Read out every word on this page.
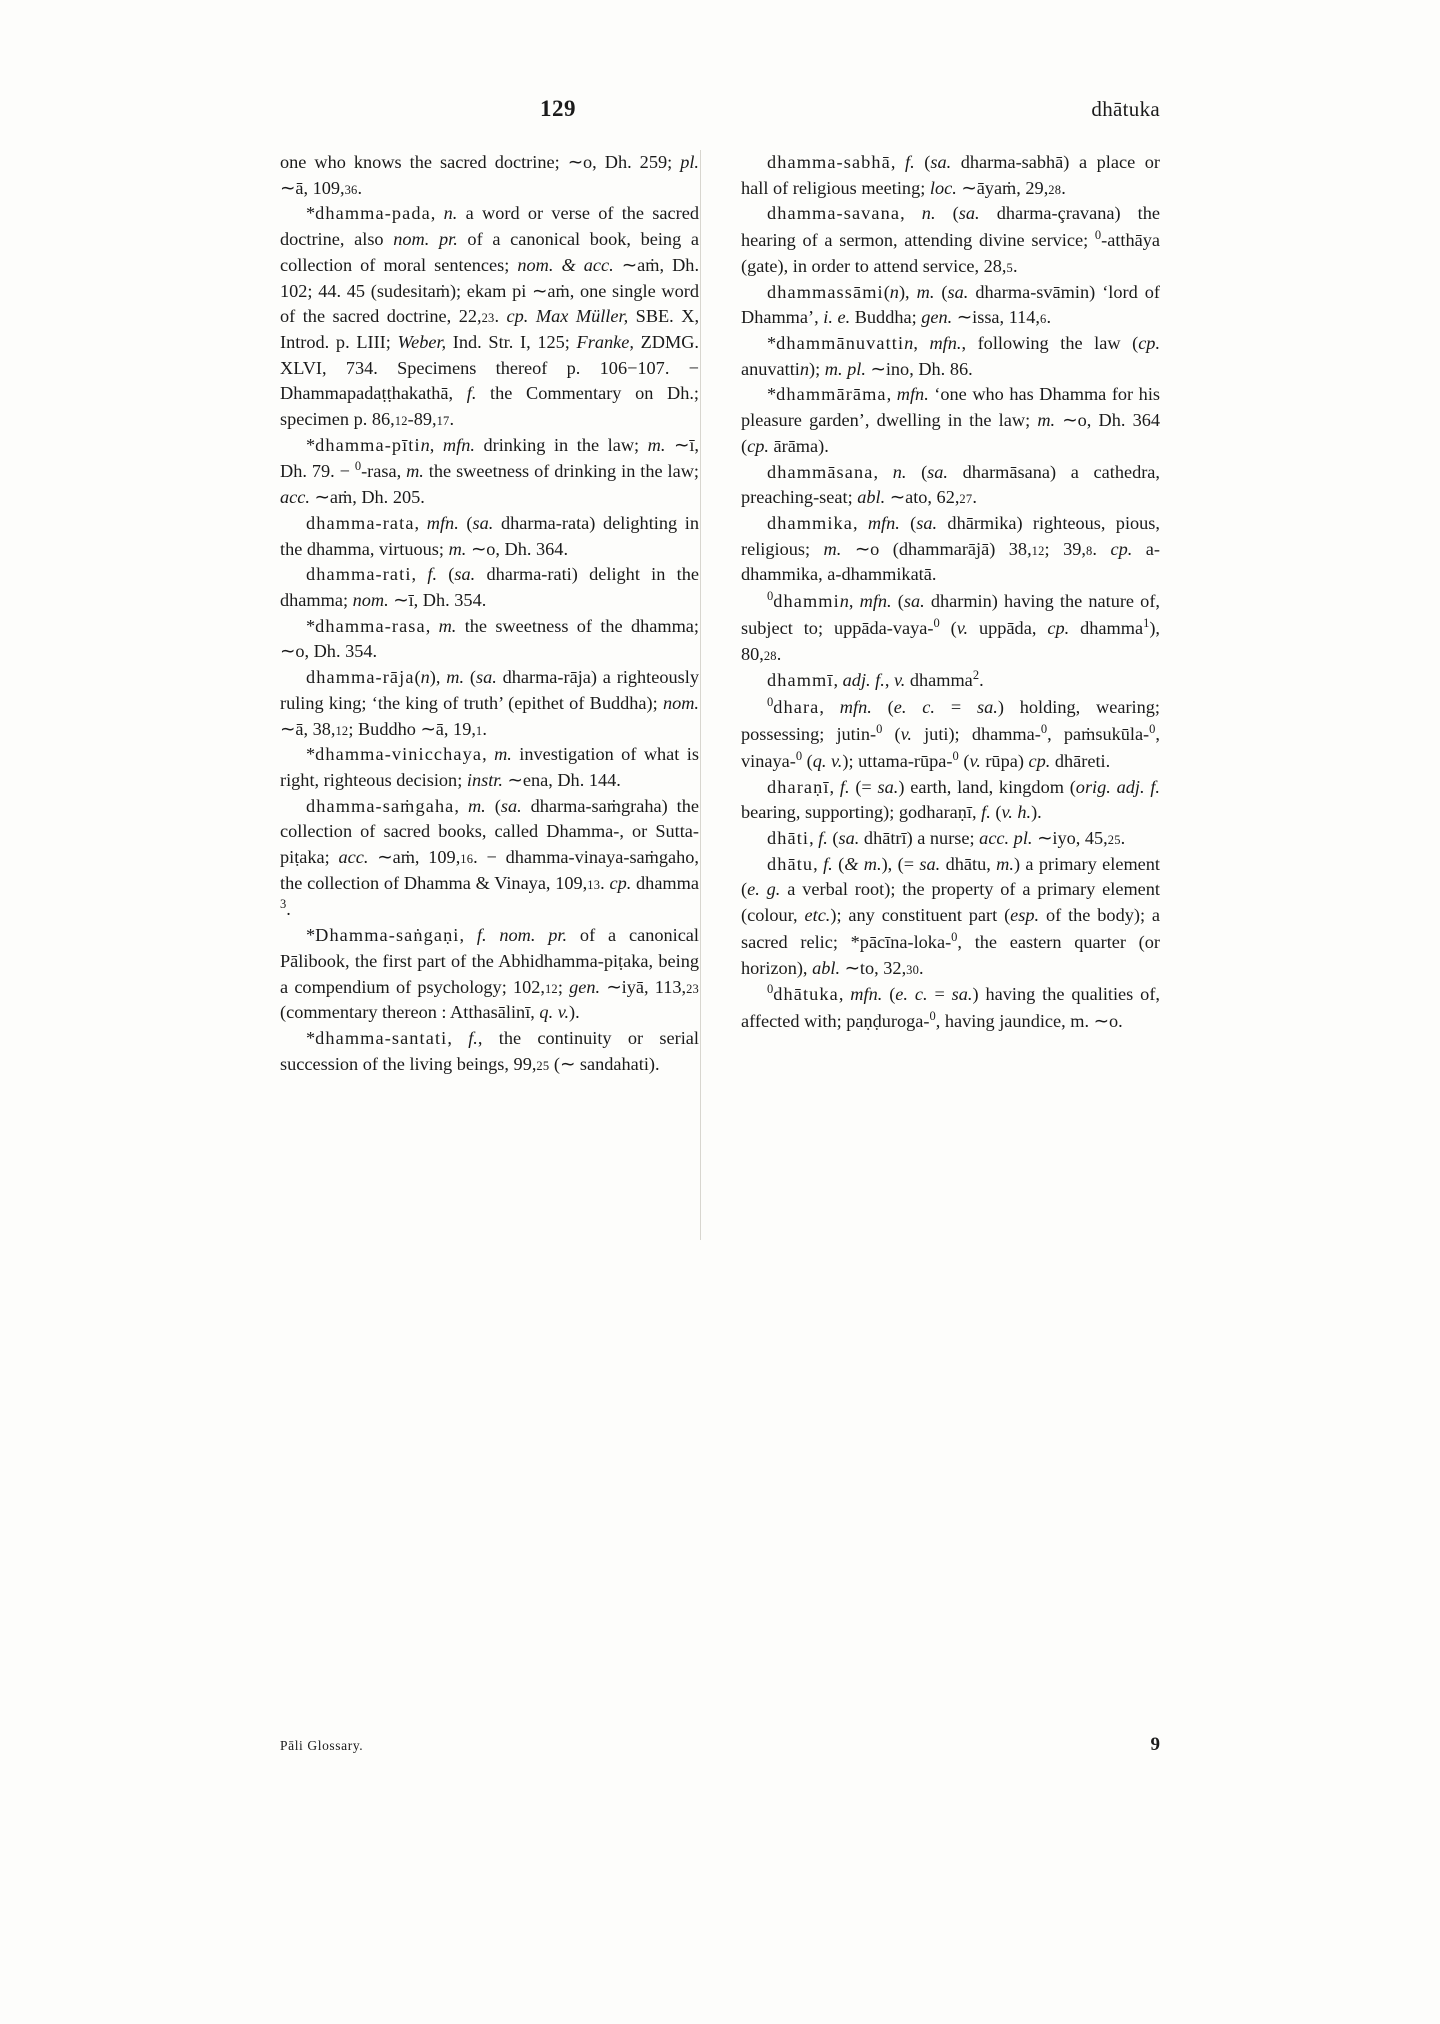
129	dhātuka

one who knows the sacred doctrine; ∼o, Dh. 259; pl. ∼ā, 109,36.

*dhamma-pada, n. a word or verse of the sacred doctrine, also nom. pr. of a canonical book, being a collection of moral sentences; nom. & acc. ∼aṁ, Dh. 102; 44. 45 (sudesitaṁ); ekam pi ∼aṁ, one single word of the sacred doctrine, 22,23. cp. Max Müller, SBE. X, Introd. p. LIII; Weber, Ind. Str. I, 125; Franke, ZDMG. XLVI, 734. Specimens thereof p. 106−107. − Dhammapadaṭṭhakathā, f. the Commentary on Dh.; specimen p. 86,12-89,17.

*dhamma-pītin, mfn. drinking in the law; m. ∼ī, Dh. 79. − $^0$-rasa, m. the sweetness of drinking in the law; acc. ∼aṁ, Dh. 205.

dhamma-rata, mfn. (sa. dharma-rata) delighting in the dhamma, virtuous; m. ∼o, Dh. 364.

dhamma-rati, f. (sa. dharma-rati) delight in the dhamma; nom. ∼ī, Dh. 354.

*dhamma-rasa, m. the sweetness of the dhamma; ∼o, Dh. 354.

dhamma-rāja(n), m. (sa. dharma-rāja) a righteously ruling king; ‘the king of truth’ (epithet of Buddha); nom. ∼ā, 38,12; Buddho ∼ā, 19,1.

*dhamma-vinicchaya, m. investigation of what is right, righteous decision; instr. ∼ena, Dh. 144.

dhamma-saṁgaha, m. (sa. dharma-saṁgraha) the collection of sacred books, called Dhamma-, or Sutta-piṭaka; acc. ∼aṁ, 109,16. − dhamma-vinaya-saṁgaho, the collection of Dhamma & Vinaya, 109,13. cp. dhamma $^3$.

*Dhamma-saṅgaṇi, f. nom. pr. of a canonical Pālibook, the first part of the Abhidhamma-piṭaka, being a compendium of psychology; 102,12; gen. ∼iyā, 113,23 (commentary thereon : Atthasālinī, q. v.).

*dhamma-santati, f., the continuity or serial succession of the living beings, 99,25 (∼ sandahati).

dhamma-sabhā, f. (sa. dharma-sabhā) a place or hall of religious meeting; loc. ∼āyaṁ, 29,28.

dhamma-savana, n. (sa. dharma-çravana) the hearing of a sermon, attending divine service; $^0$-atthāya (gate), in order to attend service, 28,5.

dhammassāmi(n), m. (sa. dharma-svāmin) ‘lord of Dhamma’, i. e. Buddha; gen. ∼issa, 114,6.

*dhammānuvattin, mfn., following the law (cp. anuvattin); m. pl. ∼ino, Dh. 86.

*dhammārāma, mfn. ‘one who has Dhamma for his pleasure garden’, dwelling in the law; m. ∼o, Dh. 364 (cp. ārāma).

dhammāsana, n. (sa. dharmāsana) a cathedra, preaching-seat; abl. ∼ato, 62,27.

dhammika, mfn. (sa. dhārmika) righteous, pious, religious; m. ∼o (dhammarājā) 38,12; 39,8. cp. a-dhammika, a-dhammikatā.

$^0$dhammin, mfn. (sa. dharmin) having the nature of, subject to; uppāda-vaya-$^0$ (v. uppāda, cp. dhamma$^1$), 80,28.

dhammī, adj. f., v. dhamma$^2$.

$^0$dhara, mfn. (e. c. = sa.) holding, wearing; possessing; jutin-$^0$ (v. juti); dhamma-$^0$, paṁsukūla-$^0$, vinaya-$^0$ (q. v.); uttama-rūpa-$^0$ (v. rūpa) cp. dhāreti.

dharaṇī, f. (= sa.) earth, land, kingdom (orig. adj. f. bearing, supporting); godharaṇī, f. (v. h.).

dhāti, f. (sa. dhātrī) a nurse; acc. pl. ∼iyo, 45,25.

dhātu, f. (& m.), (= sa. dhātu, m.) a primary element (e. g. a verbal root); the property of a primary element (colour, etc.); any constituent part (esp. of the body); a sacred relic; *pācīna-loka-$^0$, the eastern quarter (or horizon), abl. ∼to, 32,30.

$^0$dhātuka, mfn. (e. c. = sa.) having the qualities of, affected with; paṇḍuroga-$^0$, having jaundice, m. ∼o.

Pāli Glossary.	9
